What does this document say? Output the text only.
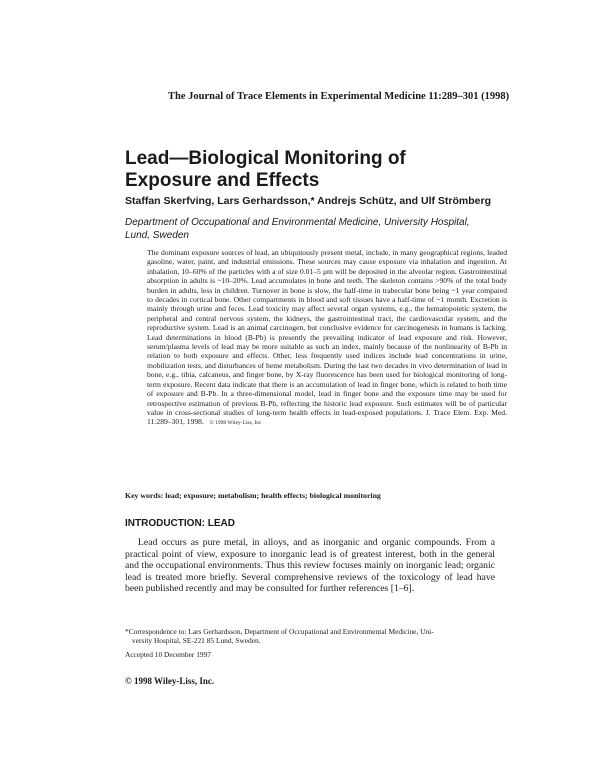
The Journal of Trace Elements in Experimental Medicine 11:289–301 (1998)
Lead—Biological Monitoring of
Exposure and Effects
Staffan Skerfving, Lars Gerhardsson,* Andrejs Schütz, and Ulf Strömberg
Department of Occupational and Environmental Medicine, University Hospital,
Lund, Sweden
The dominant exposure sources of lead, an ubiquitously present metal, include, in many geographical regions, leaded gasoline, water, paint, and industrial emissions. These sources may cause exposure via inhalation and ingestion. At inhalation, 10–60% of the particles with a of size 0.01–5 μm will be deposited in the alveolar region. Gastrointestinal absorption in adults is ~10–20%. Lead accumulates in bone and teeth. The skeleton contains >90% of the total body burden in adults, less in children. Turnover in bone is slow, the half-time in trabecular bone being ~1 year compared to decades in cortical bone. Other compartments in blood and soft tissues have a half-time of ~1 month. Excretion is mainly through urine and feces. Lead toxicity may affect several organ systems, e.g., the hematopoietic system, the peripheral and central nervous system, the kidneys, the gastrointestinal tract, the cardiovascular system, and the reproductive system. Lead is an animal carcinogen, but conclusive evidence for carcinogenesis in humans is lacking. Lead determinations in blood (B-Pb) is presently the prevailing indicator of lead exposure and risk. However, serum/plasma levels of lead may be more suitable as such an index, mainly because of the nonlinearity of B-Pb in relation to both exposure and effects. Other, less frequently used indices include lead concentrations in urine, mobilization tests, and disturbances of heme metabolism. During the last two decades in vivo determination of lead in bone, e.g., tibia, calcaneus, and finger bone, by X-ray fluorescence has been used for biological monitoring of long-term exposure. Recent data indicate that there is an accumulation of lead in finger bone, which is related to both time of exposure and B-Pb. In a three-dimensional model, lead in finger bone and the exposure time may be used for retrospective estimation of previous B-Pb, reflecting the historic lead exposure. Such estimates will be of particular value in cross-sectional studies of long-term health effects in lead-exposed populations. J. Trace Elem. Exp. Med. 11:289–301, 1998. © 1998 Wiley-Liss, Inc
Key words: lead; exposure; metabolism; health effects; biological monitoring
INTRODUCTION: LEAD

Lead occurs as pure metal, in alloys, and as inorganic and organic compounds. From a practical point of view, exposure to inorganic lead is of greatest interest, both in the general and the occupational environments. Thus this review focuses mainly on inorganic lead; organic lead is treated more briefly. Several comprehensive reviews of the toxicology of lead have been published recently and may be consulted for further references [1–6].

*Correspondence to: Lars Gerhardsson, Department of Occupational and Environmental Medicine, Uni-

versity Hospital, SE-221 85 Lund, Sweden.

Accepted 10 December 1997

© 1998 Wiley-Liss, Inc.
